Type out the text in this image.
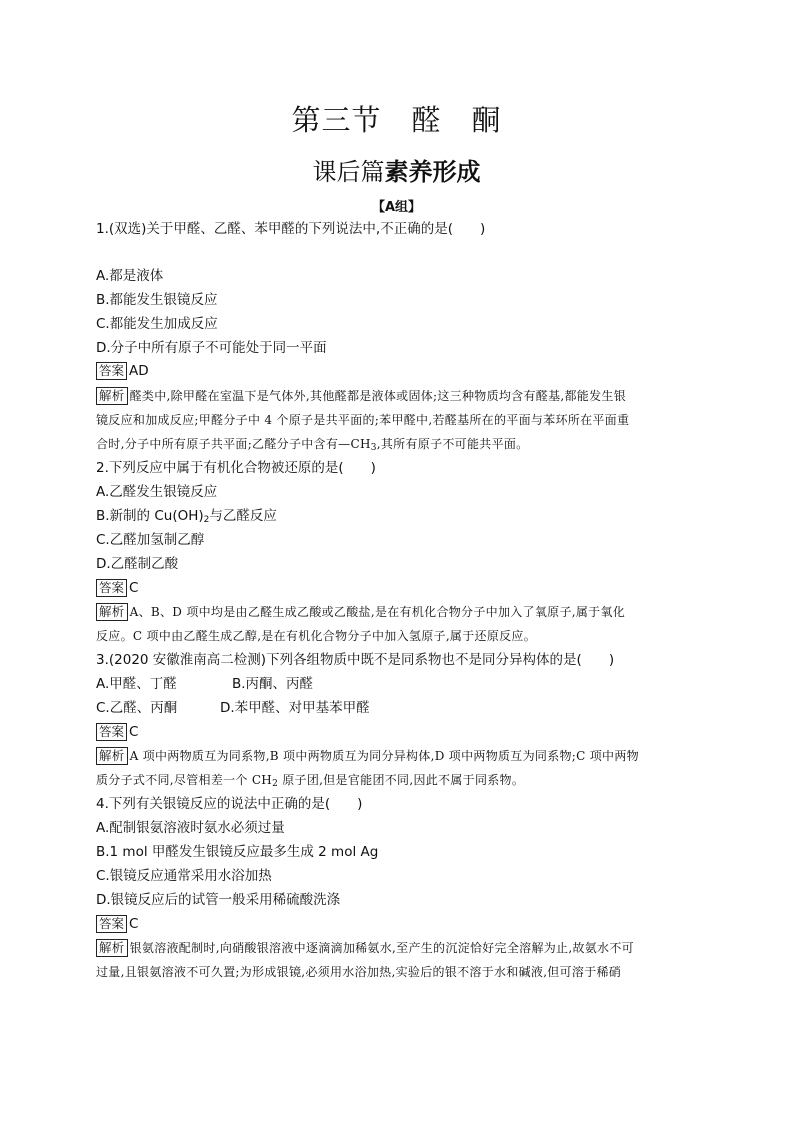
第三节　醛　酮
课后篇素养形成
【A组】
1.(双选)关于甲醛、乙醛、苯甲醛的下列说法中,不正确的是(　　)
A.都是液体
B.都能发生银镜反应
C.都能发生加成反应
D.分子中所有原子不可能处于同一平面
答案 AD
解析 醛类中,除甲醛在室温下是气体外,其他醛都是液体或固体;这三种物质均含有醛基,都能发生银
镜反应和加成反应;甲醛分子中 4 个原子是共平面的;苯甲醛中,若醛基所在的平面与苯环所在平面重
合时,分子中所有原子共平面;乙醛分子中含有$—CH_3$,其所有原子不可能共平面。
2.下列反应中属于有机化合物被还原的是(　　)
A.乙醛发生银镜反应
B.新制的 $Cu(OH)_2$与乙醛反应
C.乙醛加氢制乙醇
D.乙醛制乙酸
答案 C
解析 A、B、D 项中均是由乙醛生成乙酸或乙酸盐,是在有机化合物分子中加入了氧原子,属于氧化
反应。C 项中由乙醛生成乙醇,是在有机化合物分子中加入氢原子,属于还原反应。
3.(2020 安徽淮南高二检测)下列各组物质中既不是同系物也不是同分异构体的是(　　)
A.甲醛、丁醛	B.丙酮、丙醛
C.乙醛、丙酮	D.苯甲醛、对甲基苯甲醛
答案 C
解析 A 项中两物质互为同系物,B 项中两物质互为同分异构体,D 项中两物质互为同系物;C 项中两物
质分子式不同,尽管相差一个 $CH_2$ 原子团,但是官能团不同,因此不属于同系物。
4.下列有关银镜反应的说法中正确的是(　　)
A.配制银氨溶液时氨水必须过量
B.1 mol 甲醛发生银镜反应最多生成 2 mol Ag
C.银镜反应通常采用水浴加热
D.银镜反应后的试管一般采用稀硫酸洗涤
答案 C
解析 银氨溶液配制时,向硝酸银溶液中逐滴滴加稀氨水,至产生的沉淀恰好完全溶解为止,故氨水不可
过量,且银氨溶液不可久置;为形成银镜,必须用水浴加热,实验后的银不溶于水和碱液,但可溶于稀硝
